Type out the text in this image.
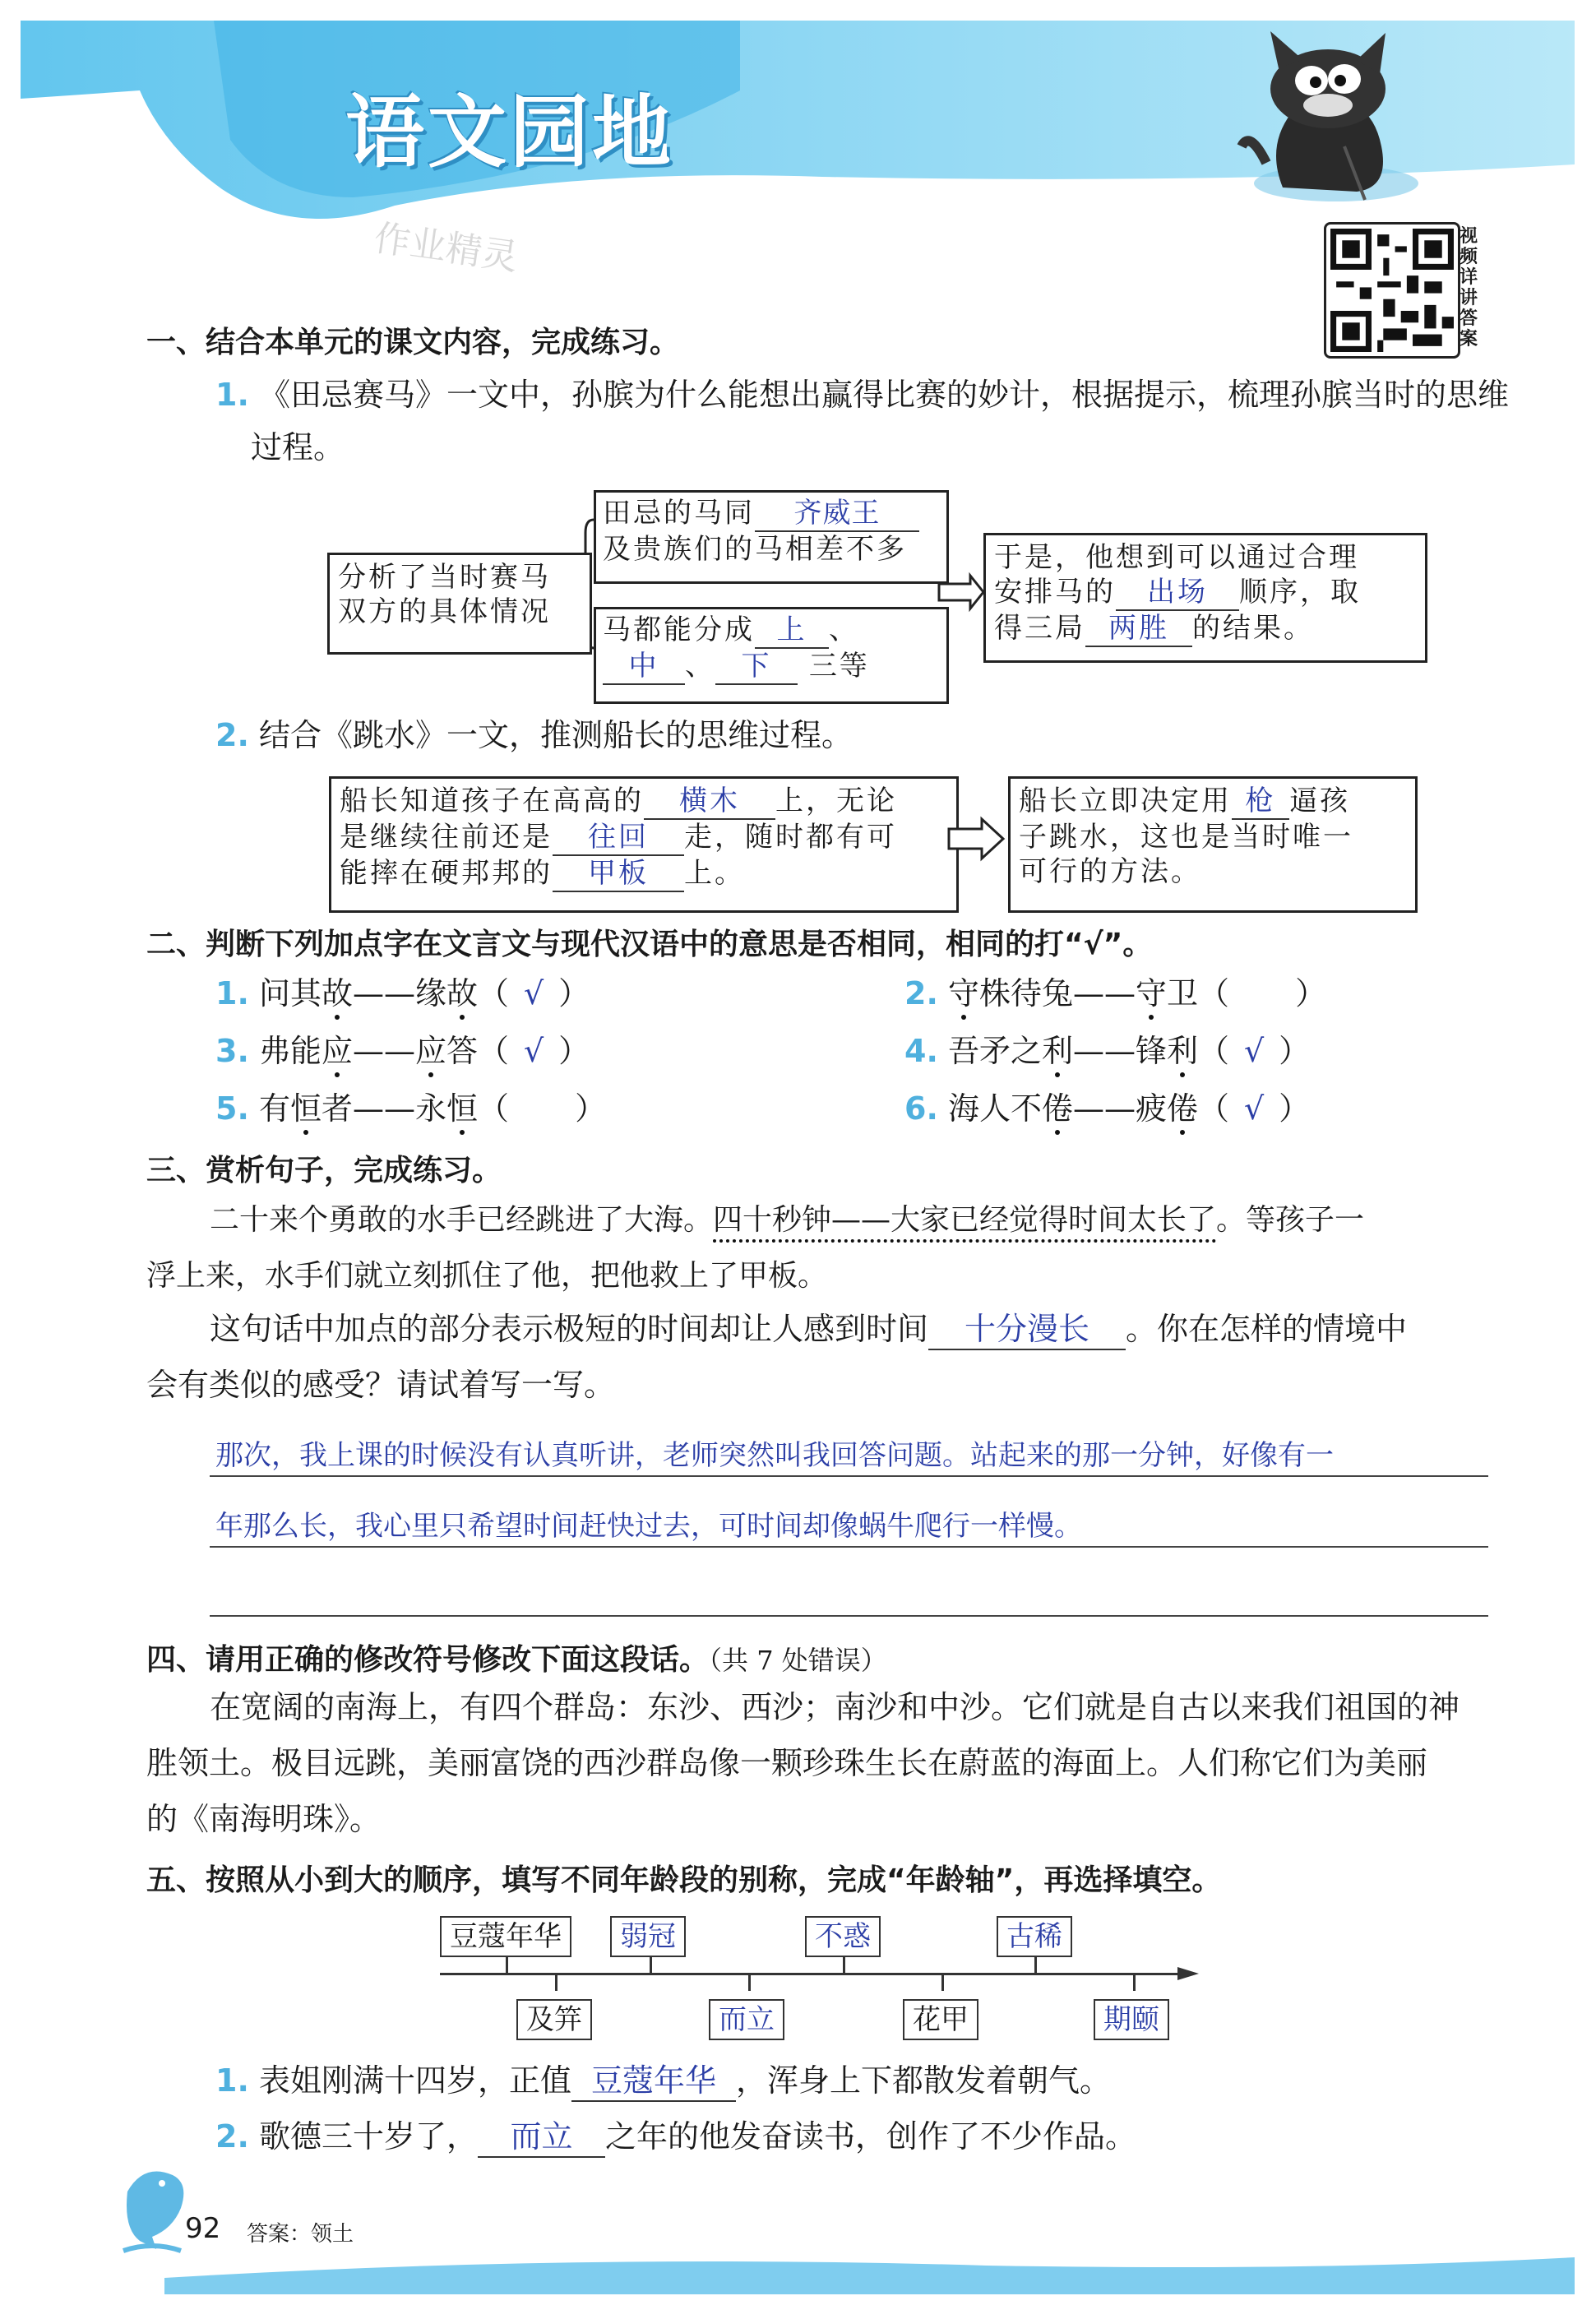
语文园地
作业精灵	视频详讲答案
一、结合本单元的课文内容，完成练习。
1. 《田忌赛马》一文中，孙膑为什么能想出赢得比赛的妙计，根据提示，梳理孙膑当时的思维
过程。
分析了当时赛马
双方的具体情况
田忌的马同 齐威王
及贵族们的马相差不多
马都能分成 上 、
中 、 下 三等
于是，他想到可以通过合理
安排马的 出场 顺序，取
得三局 两胜 的结果。
2. 结合《跳水》一文，推测船长的思维过程。
船长知道孩子在高高的 横木 上，无论
是继续往前还是 往回 走，随时都有可
能摔在硬邦邦的 甲板 上。
船长立即决定用 枪 逼孩
子跳水，这也是当时唯一
可行的方法。
二、判断下列加点字在文言文与现代汉语中的意思是否相同，相同的打“√”。
1. 问其故——缘故（ √ ）	2. 守株待兔——守卫（ ）
3. 弗能应——应答（ √ ）	4. 吾矛之利——锋利（ √ ）
5. 有恒者——永恒（ ）	6. 海人不倦——疲倦（ √ ）
三、赏析句子，完成练习。
二十来个勇敢的水手已经跳进了大海。四十秒钟——大家已经觉得时间太长了。等孩子一
浮上来，水手们就立刻抓住了他，把他救上了甲板。
这句话中加点的部分表示极短的时间却让人感到时间 十分漫长 。你在怎样的情境中
会有类似的感受？请试着写一写。
那次，我上课的时候没有认真听讲，老师突然叫我回答问题。站起来的那一分钟，好像有一
年那么长，我心里只希望时间赶快过去，可时间却像蜗牛爬行一样慢。
四、请用正确的修改符号修改下面这段话。（共 7 处错误）
在宽阔的南海上，有四个群岛：东沙、西沙；南沙和中沙。它们就是自古以来我们祖国的神
胜领土。极目远跳，美丽富饶的西沙群岛像一颗珍珠生长在蔚蓝的海面上。人们称它们为美丽
的《南海明珠》。
五、按照从小到大的顺序，填写不同年龄段的别称，完成“年龄轴”，再选择填空。
豆蔻年华	弱冠	不惑	古稀
及笄	而立	花甲	期颐
1. 表姐刚满十四岁，正值 豆蔻年华 ，浑身上下都散发着朝气。
2. 歌德三十岁了， 而立 之年的他发奋读书，创作了不少作品。
92 答案：领土
